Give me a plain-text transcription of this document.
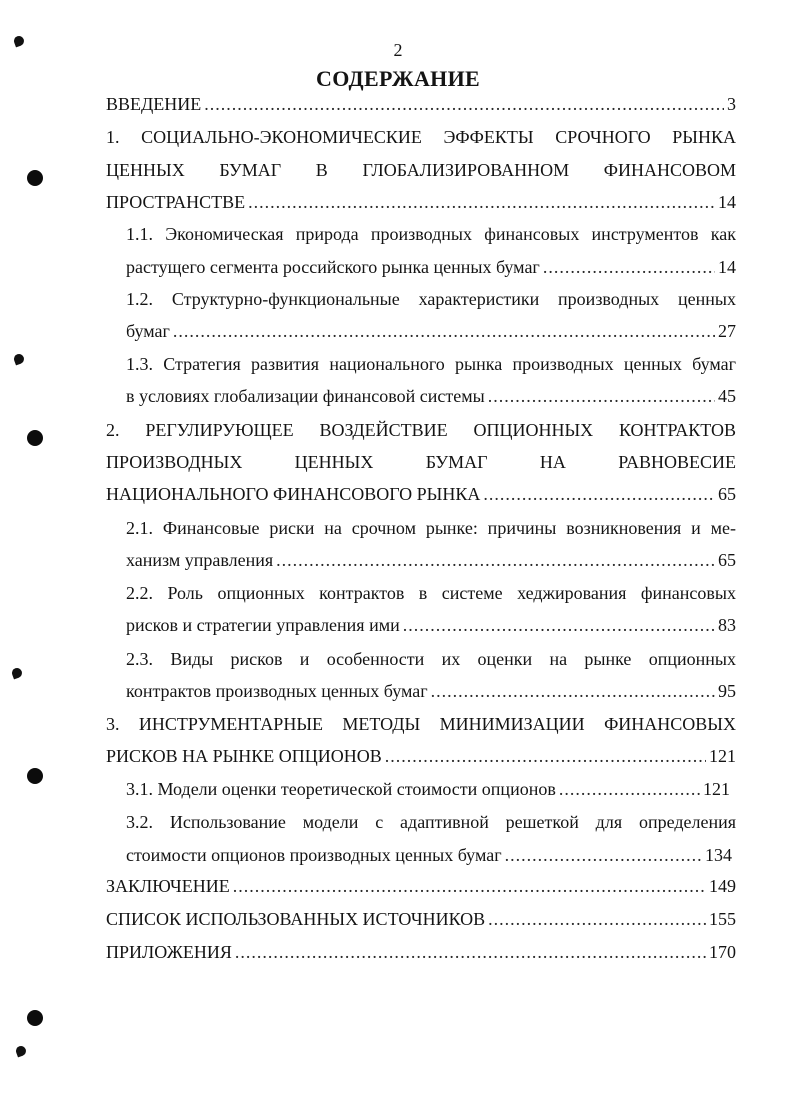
2
СОДЕРЖАНИЕ
ВВЕДЕНИЕ .....	3
1. СОЦИАЛЬНО-ЭКОНОМИЧЕСКИЕ ЭФФЕКТЫ СРОЧНОГО РЫНКА
ЦЕННЫХ БУМАГ В ГЛОБАЛИЗИРОВАННОМ ФИНАНСОВОМ
ПРОСТРАНСТВЕ .....	14
1.1. Экономическая природа производных финансовых инструментов как
растущего сегмента российского рынка ценных бумаг .....	14
1.2. Структурно-функциональные характеристики производных ценных
бумаг .....	27
1.3. Стратегия развития национального рынка производных ценных бумаг
в условиях глобализации финансовой системы .....	45
2. РЕГУЛИРУЮЩЕЕ ВОЗДЕЙСТВИЕ ОПЦИОННЫХ КОНТРАКТОВ
ПРОИЗВОДНЫХ ЦЕННЫХ БУМАГ НА РАВНОВЕСИЕ
НАЦИОНАЛЬНОГО ФИНАНСОВОГО РЫНКА .....	65
2.1. Финансовые риски на срочном рынке: причины возникновения и ме-
ханизм управления .....	65
2.2. Роль опционных контрактов в системе хеджирования финансовых
рисков и стратегии управления ими .....	83
2.3. Виды рисков и особенности их оценки на рынке опционных
контрактов производных ценных бумаг .....	95
3. ИНСТРУМЕНТАРНЫЕ МЕТОДЫ МИНИМИЗАЦИИ ФИНАНСОВЫХ
РИСКОВ НА РЫНКЕ ОПЦИОНОВ .....	121
3.1. Модели оценки теоретической стоимости опционов .....	121
3.2. Использование модели с адаптивной решеткой для определения
стоимости опционов производных ценных бумаг .....	134
ЗАКЛЮЧЕНИЕ .....	149
СПИСОК ИСПОЛЬЗОВАННЫХ ИСТОЧНИКОВ .....	155
ПРИЛОЖЕНИЯ .....	170
